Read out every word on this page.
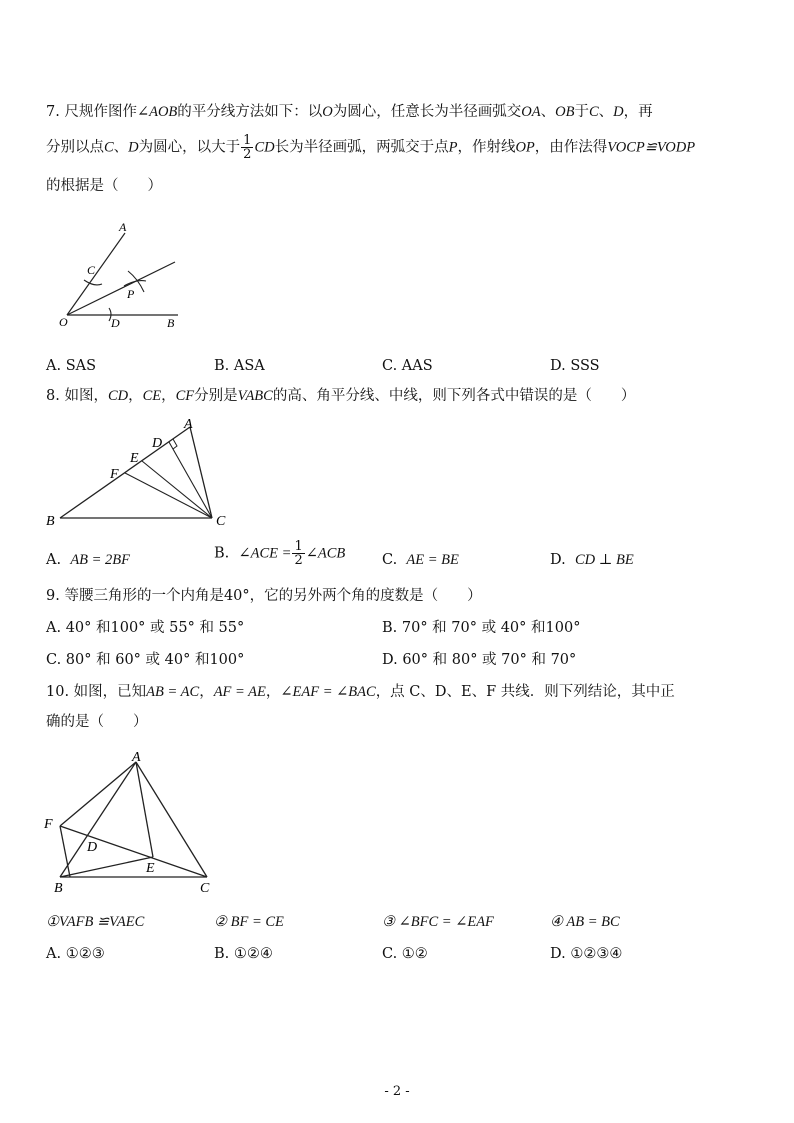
7. 尺规作图作∠AOB的平分线方法如下：以O为圆心，任意长为半径画弧交OA、OB于C、D，再
分别以点C、D为圆心，以大于 $\frac{1}{2}$ CD长为半径画弧，两弧交于点P，作射线OP，由作法得VOCP≌VODP
的根据是（　　）
A
C
P
O	D	B
A. SAS	B. ASA	C. AAS	D. SSS
8. 如图，CD，CE，CF分别是VABC的高、角平分线、中线，则下列各式中错误的是（　　）
A
D
E
F
B	C
A. AB = 2BF	B. ∠ACE = $\frac{1}{2}$ ∠ACB	C. AE = BE	D. CD ⊥ BE
9. 等腰三角形的一个内角是40°，它的另外两个角的度数是（　　）
A. 40° 和100° 或 55° 和 55°	B. 70° 和 70° 或 40° 和100°
C. 80° 和 60° 或 40° 和100°	D. 60° 和 80° 或 70° 和 70°
10. 如图，已知AB = AC，AF = AE，∠EAF = ∠BAC，点 C、D、E、F 共线．则下列结论，其中正
确的是（　　）
A
F
D
E
B	C
①VAFB ≌VAEC	② BF = CE	③ ∠BFC = ∠EAF	④ AB = BC
A. ①②③	B. ①②④	C. ①②	D. ①②③④
- 2 -
